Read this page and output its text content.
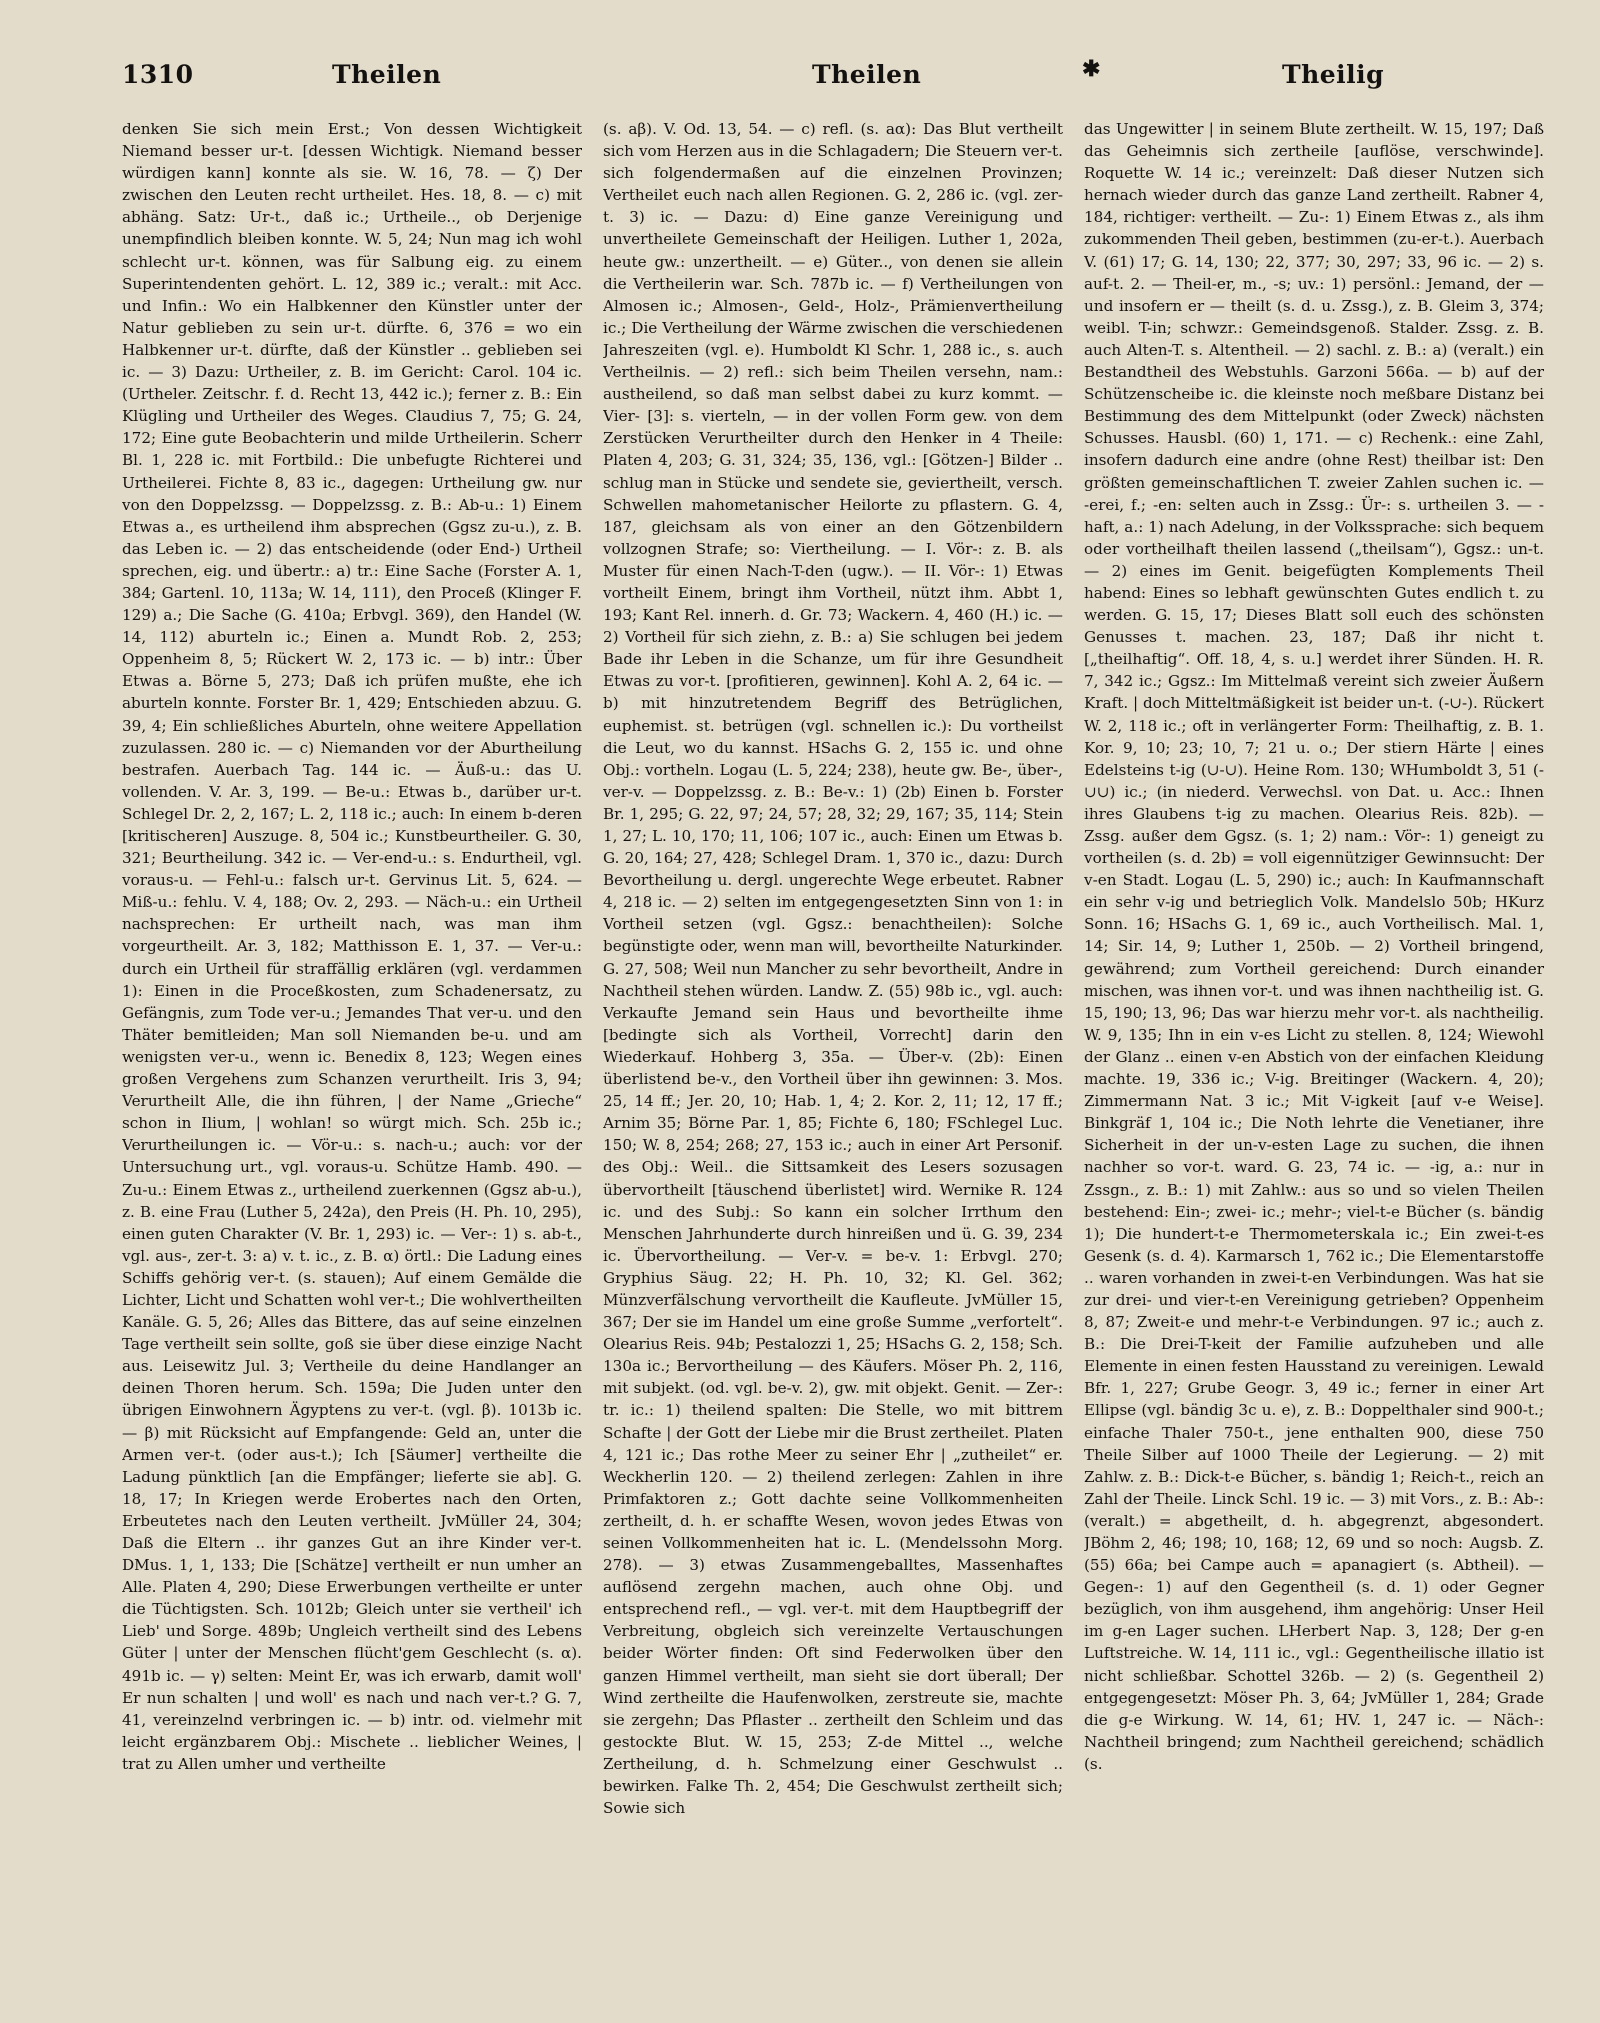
1310	Theilen	Theilen	✱	Theilig

denken Sie sich mein Erst.; Von dessen Wichtigkeit Niemand besser ur-t. [dessen Wichtigk. Niemand besser würdigen kann] konnte als sie. W. 16, 78. — ζ) Der zwischen den Leuten recht urtheilet. Hes. 18, 8. — c) mit abhäng. Satz: Ur-t., daß ic.; Urtheile.., ob Derjenige unempfindlich bleiben konnte. W. 5, 24; Nun mag ich wohl schlecht ur-t. können, was für Salbung eig. zu einem Superintendenten gehört. L. 12, 389 ic.; veralt.: mit Acc. und Infin.: Wo ein Halbkenner den Künstler unter der Natur geblieben zu sein ur-t. dürfte. 6, 376 = wo ein Halbkenner ur-t. dürfte, daß der Künstler .. geblieben sei ic. — 3) Dazu: Urtheiler, z. B. im Gericht: Carol. 104 ic. (Urtheler. Zeitschr. f. d. Recht 13, 442 ic.); ferner z. B.: Ein Klügling und Urtheiler des Weges. Claudius 7, 75; G. 24, 172; Eine gute Beobachterin und milde Urtheilerin. Scherr Bl. 1, 228 ic. mit Fortbild.: Die unbefugte Richterei und Urtheilerei. Fichte 8, 83 ic., dagegen: Urtheilung gw. nur von den Doppelzssg. — Doppelzssg. z. B.: Ab-u.: 1) Einem Etwas a., es urtheilend ihm absprechen (Ggsz zu-u.), z. B. das Leben ic. — 2) das entscheidende (oder End-) Urtheil sprechen, eig. und übertr.: a) tr.: Eine Sache (Forster A. 1, 384; Gartenl. 10, 113a; W. 14, 111), den Proceß (Klinger F. 129) a.; Die Sache (G. 410a; Erbvgl. 369), den Handel (W. 14, 112) aburteln ic.; Einen a. Mundt Rob. 2, 253; Oppenheim 8, 5; Rückert W. 2, 173 ic. — b) intr.: Über Etwas a. Börne 5, 273; Daß ich prüfen mußte, ehe ich aburteln konnte. Forster Br. 1, 429; Entschieden abzuu. G. 39, 4; Ein schließliches Aburteln, ohne weitere Appellation zuzulassen. 280 ic. — c) Niemanden vor der Aburtheilung bestrafen. Auerbach Tag. 144 ic. — Äuß-u.: das U. vollenden. V. Ar. 3, 199. — Be-u.: Etwas b., darüber ur-t. Schlegel Dr. 2, 2, 167; L. 2, 118 ic.; auch: In einem b-deren [kritischeren] Auszuge. 8, 504 ic.; Kunstbeurtheiler. G. 30, 321; Beurtheilung. 342 ic. — Ver-end-u.: s. Endurtheil, vgl. voraus-u. — Fehl-u.: falsch ur-t. Gervinus Lit. 5, 624. — Miß-u.: fehlu. V. 4, 188; Ov. 2, 293. — Näch-u.: ein Urtheil nachsprechen: Er urtheilt nach, was man ihm vorgeurtheilt. Ar. 3, 182; Matthisson E. 1, 37. — Ver-u.: durch ein Urtheil für straffällig erklären (vgl. verdammen 1): Einen in die Proceßkosten, zum Schadenersatz, zu Gefängnis, zum Tode ver-u.; Jemandes That ver-u. und den Thäter bemitleiden; Man soll Niemanden be-u. und am wenigsten ver-u., wenn ic. Benedix 8, 123; Wegen eines großen Vergehens zum Schanzen verurtheilt. Iris 3, 94; Verurtheilt Alle, die ihn führen, | der Name „Grieche“ schon in Ilium, | wohlan! so würgt mich. Sch. 25b ic.; Verurtheilungen ic. — Vör-u.: s. nach-u.; auch: vor der Untersuchung urt., vgl. voraus-u. Schütze Hamb. 490. — Zu-u.: Einem Etwas z., urtheilend zuerkennen (Ggsz ab-u.), z. B. eine Frau (Luther 5, 242a), den Preis (H. Ph. 10, 295), einen guten Charakter (V. Br. 1, 293) ic. — Ver-: 1) s. ab-t., vgl. aus-, zer-t. 3: a) v. t. ic., z. B. α) örtl.: Die Ladung eines Schiffs gehörig ver-t. (s. stauen); Auf einem Gemälde die Lichter, Licht und Schatten wohl ver-t.; Die wohlvertheilten Kanäle. G. 5, 26; Alles das Bittere, das auf seine einzelnen Tage vertheilt sein sollte, goß sie über diese einzige Nacht aus. Leisewitz Jul. 3; Vertheile du deine Handlanger an deinen Thoren herum. Sch. 159a; Die Juden unter den übrigen Einwohnern Ägyptens zu ver-t. (vgl. β). 1013b ic. — β) mit Rücksicht auf Empfangende: Geld an, unter die Armen ver-t. (oder aus-t.); Ich [Säumer] vertheilte die Ladung pünktlich [an die Empfänger; lieferte sie ab]. G. 18, 17; In Kriegen werde Erobertes nach den Orten, Erbeutetes nach den Leuten vertheilt. JvMüller 24, 304; Daß die Eltern .. ihr ganzes Gut an ihre Kinder ver-t. DMus. 1, 1, 133; Die [Schätze] vertheilt er nun umher an Alle. Platen 4, 290; Diese Erwerbungen vertheilte er unter die Tüchtigsten. Sch. 1012b; Gleich unter sie vertheil' ich Lieb' und Sorge. 489b; Ungleich vertheilt sind des Lebens Güter | unter der Menschen flücht'gem Geschlecht (s. α). 491b ic. — γ) selten: Meint Er, was ich erwarb, damit woll' Er nun schalten | und woll' es nach und nach ver-t.? G. 7, 41, vereinzelnd verbringen ic. — b) intr. od. vielmehr mit leicht ergänzbarem Obj.: Mischete .. lieblicher Weines, | trat zu Allen umher und vertheilte

(s. aβ). V. Od. 13, 54. — c) refl. (s. aα): Das Blut vertheilt sich vom Herzen aus in die Schlagadern; Die Steuern ver-t. sich folgendermaßen auf die einzelnen Provinzen; Vertheilet euch nach allen Regionen. G. 2, 286 ic. (vgl. zer-t. 3) ic. — Dazu: d) Eine ganze Vereinigung und unvertheilete Gemeinschaft der Heiligen. Luther 1, 202a, heute gw.: unzertheilt. — e) Güter.., von denen sie allein die Vertheilerin war. Sch. 787b ic. — f) Vertheilungen von Almosen ic.; Almosen-, Geld-, Holz-, Prämienvertheilung ic.; Die Vertheilung der Wärme zwischen die verschiedenen Jahreszeiten (vgl. e). Humboldt Kl Schr. 1, 288 ic., s. auch Vertheilnis. — 2) refl.: sich beim Theilen versehn, nam.: austheilend, so daß man selbst dabei zu kurz kommt. — Vier- [3]: s. vierteln, — in der vollen Form gew. von dem Zerstücken Verurtheilter durch den Henker in 4 Theile: Platen 4, 203; G. 31, 324; 35, 136, vgl.: [Götzen-] Bilder .. schlug man in Stücke und sendete sie, geviertheilt, versch. Schwellen mahometanischer Heilorte zu pflastern. G. 4, 187, gleichsam als von einer an den Götzenbildern vollzognen Strafe; so: Viertheilung. — I. Vör-: z. B. als Muster für einen Nach-T-den (ugw.). — II. Vör-: 1) Etwas vortheilt Einem, bringt ihm Vortheil, nützt ihm. Abbt 1, 193; Kant Rel. innerh. d. Gr. 73; Wackern. 4, 460 (H.) ic. — 2) Vortheil für sich ziehn, z. B.: a) Sie schlugen bei jedem Bade ihr Leben in die Schanze, um für ihre Gesundheit Etwas zu vor-t. [profitieren, gewinnen]. Kohl A. 2, 64 ic. — b) mit hinzutretendem Begriff des Betrüglichen, euphemist. st. betrügen (vgl. schnellen ic.): Du vortheilst die Leut, wo du kannst. HSachs G. 2, 155 ic. und ohne Obj.: vortheln. Logau (L. 5, 224; 238), heute gw. Be-, über-, ver-v. — Doppelzssg. z. B.: Be-v.: 1) (2b) Einen b. Forster Br. 1, 295; G. 22, 97; 24, 57; 28, 32; 29, 167; 35, 114; Stein 1, 27; L. 10, 170; 11, 106; 107 ic., auch: Einen um Etwas b. G. 20, 164; 27, 428; Schlegel Dram. 1, 370 ic., dazu: Durch Bevortheilung u. dergl. ungerechte Wege erbeutet. Rabner 4, 218 ic. — 2) selten im entgegengesetzten Sinn von 1: in Vortheil setzen (vgl. Ggsz.: benachtheilen): Solche begünstigte oder, wenn man will, bevortheilte Naturkinder. G. 27, 508; Weil nun Mancher zu sehr bevortheilt, Andre in Nachtheil stehen würden. Landw. Z. (55) 98b ic., vgl. auch: Verkaufte Jemand sein Haus und bevortheilte ihme [bedingte sich als Vortheil, Vorrecht] darin den Wiederkauf. Hohberg 3, 35a. — Über-v. (2b): Einen überlistend be-v., den Vortheil über ihn gewinnen: 3. Mos. 25, 14 ff.; Jer. 20, 10; Hab. 1, 4; 2. Kor. 2, 11; 12, 17 ff.; Arnim 35; Börne Par. 1, 85; Fichte 6, 180; FSchlegel Luc. 150; W. 8, 254; 268; 27, 153 ic.; auch in einer Art Personif. des Obj.: Weil.. die Sittsamkeit des Lesers sozusagen übervortheilt [täuschend überlistet] wird. Wernike R. 124 ic. und des Subj.: So kann ein solcher Irrthum den Menschen Jahrhunderte durch hinreißen und ü. G. 39, 234 ic. Übervortheilung. — Ver-v. = be-v. 1: Erbvgl. 270; Gryphius Säug. 22; H. Ph. 10, 32; Kl. Gel. 362; Münzverfälschung vervortheilt die Kaufleute. JvMüller 15, 367; Der sie im Handel um eine große Summe „verfortelt“. Olearius Reis. 94b; Pestalozzi 1, 25; HSachs G. 2, 158; Sch. 130a ic.; Bervortheilung — des Käufers. Möser Ph. 2, 116, mit subjekt. (od. vgl. be-v. 2), gw. mit objekt. Genit. — Zer-: tr. ic.: 1) theilend spalten: Die Stelle, wo mit bittrem Schafte | der Gott der Liebe mir die Brust zertheilet. Platen 4, 121 ic.; Das rothe Meer zu seiner Ehr | „zutheilet“ er. Weckherlin 120. — 2) theilend zerlegen: Zahlen in ihre Primfaktoren z.; Gott dachte seine Vollkommenheiten zertheilt, d. h. er schaffte Wesen, wovon jedes Etwas von seinen Vollkommenheiten hat ic. L. (Mendelssohn Morg. 278). — 3) etwas Zusammengeballtes, Massenhaftes auflösend zergehn machen, auch ohne Obj. und entsprechend refl., — vgl. ver-t. mit dem Hauptbegriff der Verbreitung, obgleich sich vereinzelte Vertauschungen beider Wörter finden: Oft sind Federwolken über den ganzen Himmel vertheilt, man sieht sie dort überall; Der Wind zertheilte die Haufenwolken, zerstreute sie, machte sie zergehn; Das Pflaster .. zertheilt den Schleim und das gestockte Blut. W. 15, 253; Z-de Mittel .., welche Zertheilung, d. h. Schmelzung einer Geschwulst .. bewirken. Falke Th. 2, 454; Die Geschwulst zertheilt sich; Sowie sich

das Ungewitter | in seinem Blute zertheilt. W. 15, 197; Daß das Geheimnis sich zertheile [auflöse, verschwinde]. Roquette W. 14 ic.; vereinzelt: Daß dieser Nutzen sich hernach wieder durch das ganze Land zertheilt. Rabner 4, 184, richtiger: vertheilt. — Zu-: 1) Einem Etwas z., als ihm zukommenden Theil geben, bestimmen (zu-er-t.). Auerbach V. (61) 17; G. 14, 130; 22, 377; 30, 297; 33, 96 ic. — 2) s. auf-t. 2. — Theil-er, m., -s; uv.: 1) persönl.: Jemand, der — und insofern er — theilt (s. d. u. Zssg.), z. B. Gleim 3, 374; weibl. T-in; schwzr.: Gemeindsgenoß. Stalder. Zssg. z. B. auch Alten-T. s. Altentheil. — 2) sachl. z. B.: a) (veralt.) ein Bestandtheil des Webstuhls. Garzoni 566a. — b) auf der Schützenscheibe ic. die kleinste noch meßbare Distanz bei Bestimmung des dem Mittelpunkt (oder Zweck) nächsten Schusses. Hausbl. (60) 1, 171. — c) Rechenk.: eine Zahl, insofern dadurch eine andre (ohne Rest) theilbar ist: Den größten gemeinschaftlichen T. zweier Zahlen suchen ic. — -erei, f.; -en: selten auch in Zssg.: Ür-: s. urtheilen 3. — -haft, a.: 1) nach Adelung, in der Volkssprache: sich bequem oder vortheilhaft theilen lassend („theilsam“), Ggsz.: un-t. — 2) eines im Genit. beigefügten Komplements Theil habend: Eines so lebhaft gewünschten Gutes endlich t. zu werden. G. 15, 17; Dieses Blatt soll euch des schönsten Genusses t. machen. 23, 187; Daß ihr nicht t. [„theilhaftig“. Off. 18, 4, s. u.] werdet ihrer Sünden. H. R. 7, 342 ic.; Ggsz.: Im Mittelmaß vereint sich zweier Äußern Kraft. | doch Mitteltmäßigkeit ist beider un-t. (-∪-). Rückert W. 2, 118 ic.; oft in verlängerter Form: Theilhaftig, z. B. 1. Kor. 9, 10; 23; 10, 7; 21 u. o.; Der stiern Härte | eines Edelsteins t-ig (∪-∪). Heine Rom. 130; WHumboldt 3, 51 (-∪∪) ic.; (in niederd. Verwechsl. von Dat. u. Acc.: Ihnen ihres Glaubens t-ig zu machen. Olearius Reis. 82b). — Zssg. außer dem Ggsz. (s. 1; 2) nam.: Vör-: 1) geneigt zu vortheilen (s. d. 2b) = voll eigennütziger Gewinnsucht: Der v-en Stadt. Logau (L. 5, 290) ic.; auch: In Kaufmannschaft ein sehr v-ig und betrieglich Volk. Mandelslo 50b; HKurz Sonn. 16; HSachs G. 1, 69 ic., auch Vortheilisch. Mal. 1, 14; Sir. 14, 9; Luther 1, 250b. — 2) Vortheil bringend, gewährend; zum Vortheil gereichend: Durch einander mischen, was ihnen vor-t. und was ihnen nachtheilig ist. G. 15, 190; 13, 96; Das war hierzu mehr vor-t. als nachtheilig. W. 9, 135; Ihn in ein v-es Licht zu stellen. 8, 124; Wiewohl der Glanz .. einen v-en Abstich von der einfachen Kleidung machte. 19, 336 ic.; V-ig. Breitinger (Wackern. 4, 20); Zimmermann Nat. 3 ic.; Mit V-igkeit [auf v-e Weise]. Binkgräf 1, 104 ic.; Die Noth lehrte die Venetianer, ihre Sicherheit in der un-v-esten Lage zu suchen, die ihnen nachher so vor-t. ward. G. 23, 74 ic. — -ig, a.: nur in Zssgn., z. B.: 1) mit Zahlw.: aus so und so vielen Theilen bestehend: Ein-; zwei- ic.; mehr-; viel-t-e Bücher (s. bändig 1); Die hundert-t-e Thermometerskala ic.; Ein zwei-t-es Gesenk (s. d. 4). Karmarsch 1, 762 ic.; Die Elementarstoffe .. waren vorhanden in zwei-t-en Verbindungen. Was hat sie zur drei- und vier-t-en Vereinigung getrieben? Oppenheim 8, 87; Zweit-e und mehr-t-e Verbindungen. 97 ic.; auch z. B.: Die Drei-T-keit der Familie aufzuheben und alle Elemente in einen festen Hausstand zu vereinigen. Lewald Bfr. 1, 227; Grube Geogr. 3, 49 ic.; ferner in einer Art Ellipse (vgl. bändig 3c u. e), z. B.: Doppelthaler sind 900-t.; einfache Thaler 750-t., jene enthalten 900, diese 750 Theile Silber auf 1000 Theile der Legierung. — 2) mit Zahlw. z. B.: Dick-t-e Bücher, s. bändig 1; Reich-t., reich an Zahl der Theile. Linck Schl. 19 ic. — 3) mit Vors., z. B.: Ab-: (veralt.) = abgetheilt, d. h. abgegrenzt, abgesondert. JBöhm 2, 46; 198; 10, 168; 12, 69 und so noch: Augsb. Z. (55) 66a; bei Campe auch = apanagiert (s. Abtheil). — Gegen-: 1) auf den Gegentheil (s. d. 1) oder Gegner bezüglich, von ihm ausgehend, ihm angehörig: Unser Heil im g-en Lager suchen. LHerbert Nap. 3, 128; Der g-en Luftstreiche. W. 14, 111 ic., vgl.: Gegentheilische illatio ist nicht schließbar. Schottel 326b. — 2) (s. Gegentheil 2) entgegengesetzt: Möser Ph. 3, 64; JvMüller 1, 284; Grade die g-e Wirkung. W. 14, 61; HV. 1, 247 ic. — Näch-: Nachtheil bringend; zum Nachtheil gereichend; schädlich (s.
